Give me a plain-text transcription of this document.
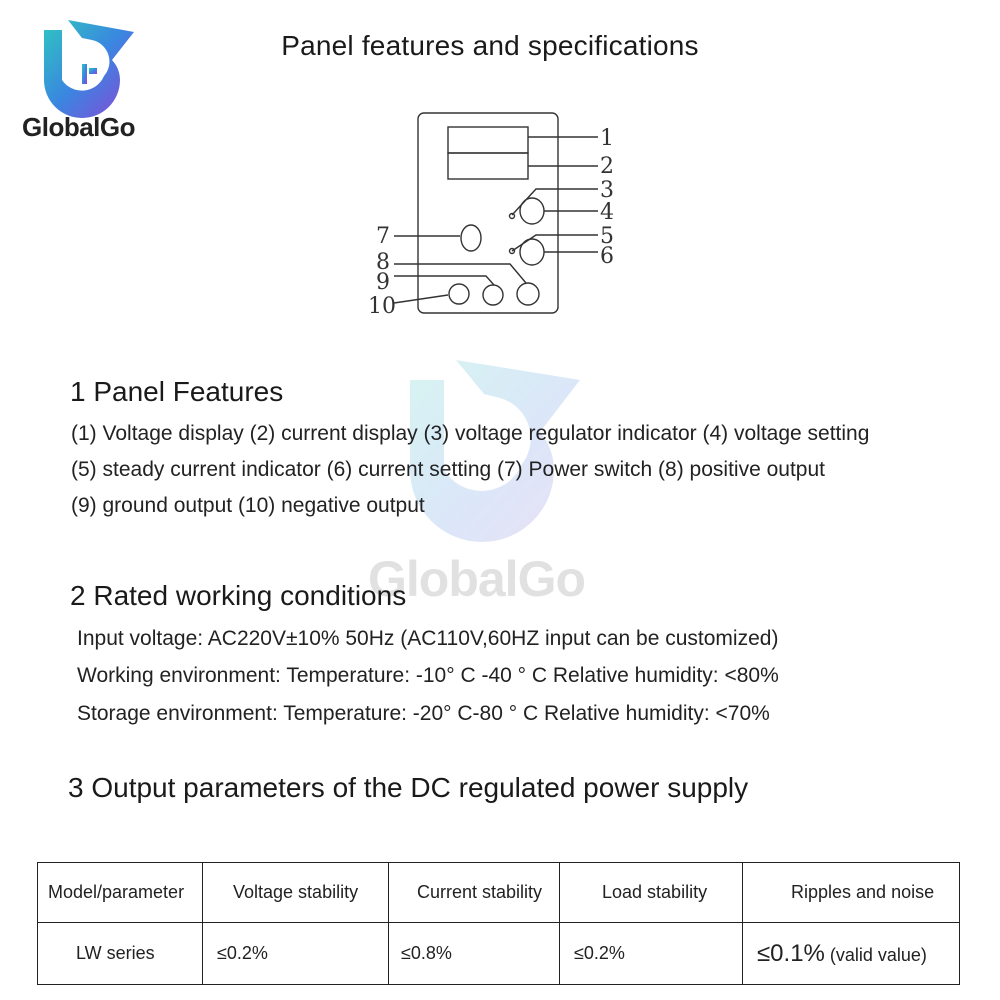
GlobalGo
Panel features and specifications
1
2
3
4
5
6
7
8
9
10
GlobalGo
1 Panel Features
(1) Voltage display (2) current display (3) voltage regulator indicator (4) voltage setting
(5) steady current indicator (6) current setting (7) Power switch (8) positive output
(9) ground output (10) negative output
2 Rated working conditions
Input voltage: AC220V±10% 50Hz (AC110V,60HZ input can be customized)
Working environment: Temperature: -10° C -40 ° C Relative humidity: <80%
Storage environment: Temperature: -20° C-80 ° C Relative humidity: <70%
3 Output parameters of the DC regulated power supply
Model/parameter	Voltage stability	Current stability	Load stability	Ripples and noise
LW series	≤0.2%	≤0.8%	≤0.2%	≤0.1% (valid value)
